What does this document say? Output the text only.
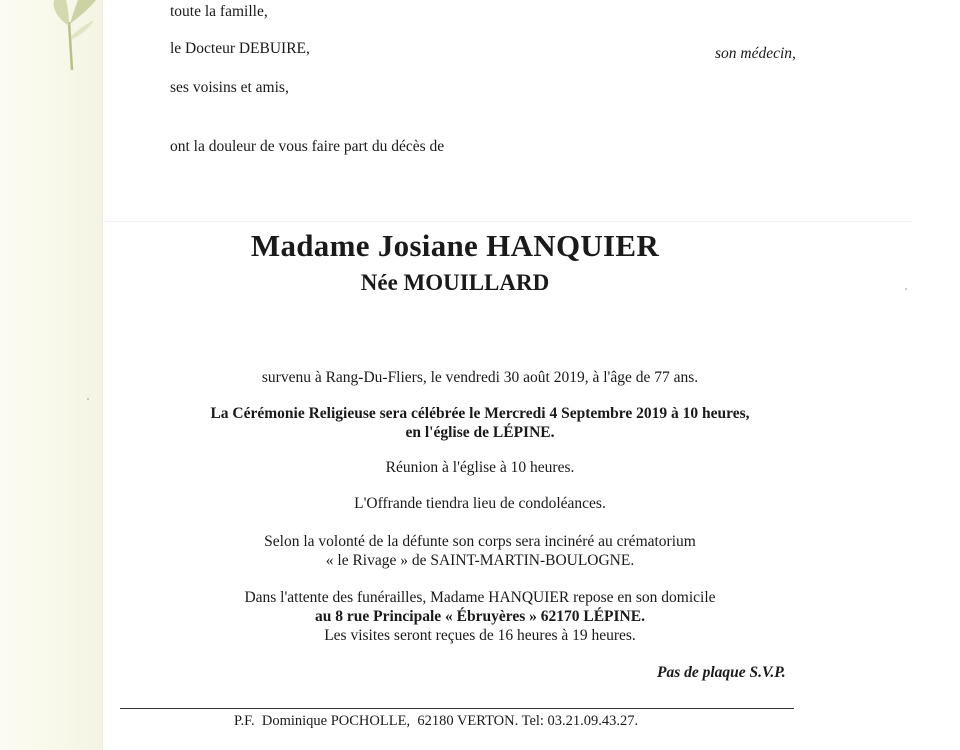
toute la famille,
le Docteur DEBUIRE,	son médecin,
ses voisins et amis,
ont la douleur de vous faire part du décès de
Madame Josiane HANQUIER
Née MOUILLARD
survenu à Rang-Du-Fliers, le vendredi 30 août 2019, à l'âge de 77 ans.
La Cérémonie Religieuse sera célébrée le Mercredi 4 Septembre 2019 à 10 heures,
en l'église de LÉPINE.
Réunion à l'église à 10 heures.
L'Offrande tiendra lieu de condoléances.
Selon la volonté de la défunte son corps sera incinéré au crématorium
« le Rivage » de SAINT-MARTIN-BOULOGNE.
Dans l'attente des funérailles, Madame HANQUIER repose en son domicile
au 8 rue Principale « Ébruyères » 62170 LÉPINE.
Les visites seront reçues de 16 heures à 19 heures.
Pas de plaque S.V.P.
P.F.  Dominique POCHOLLE,  62180 VERTON. Tel: 03.21.09.43.27.
